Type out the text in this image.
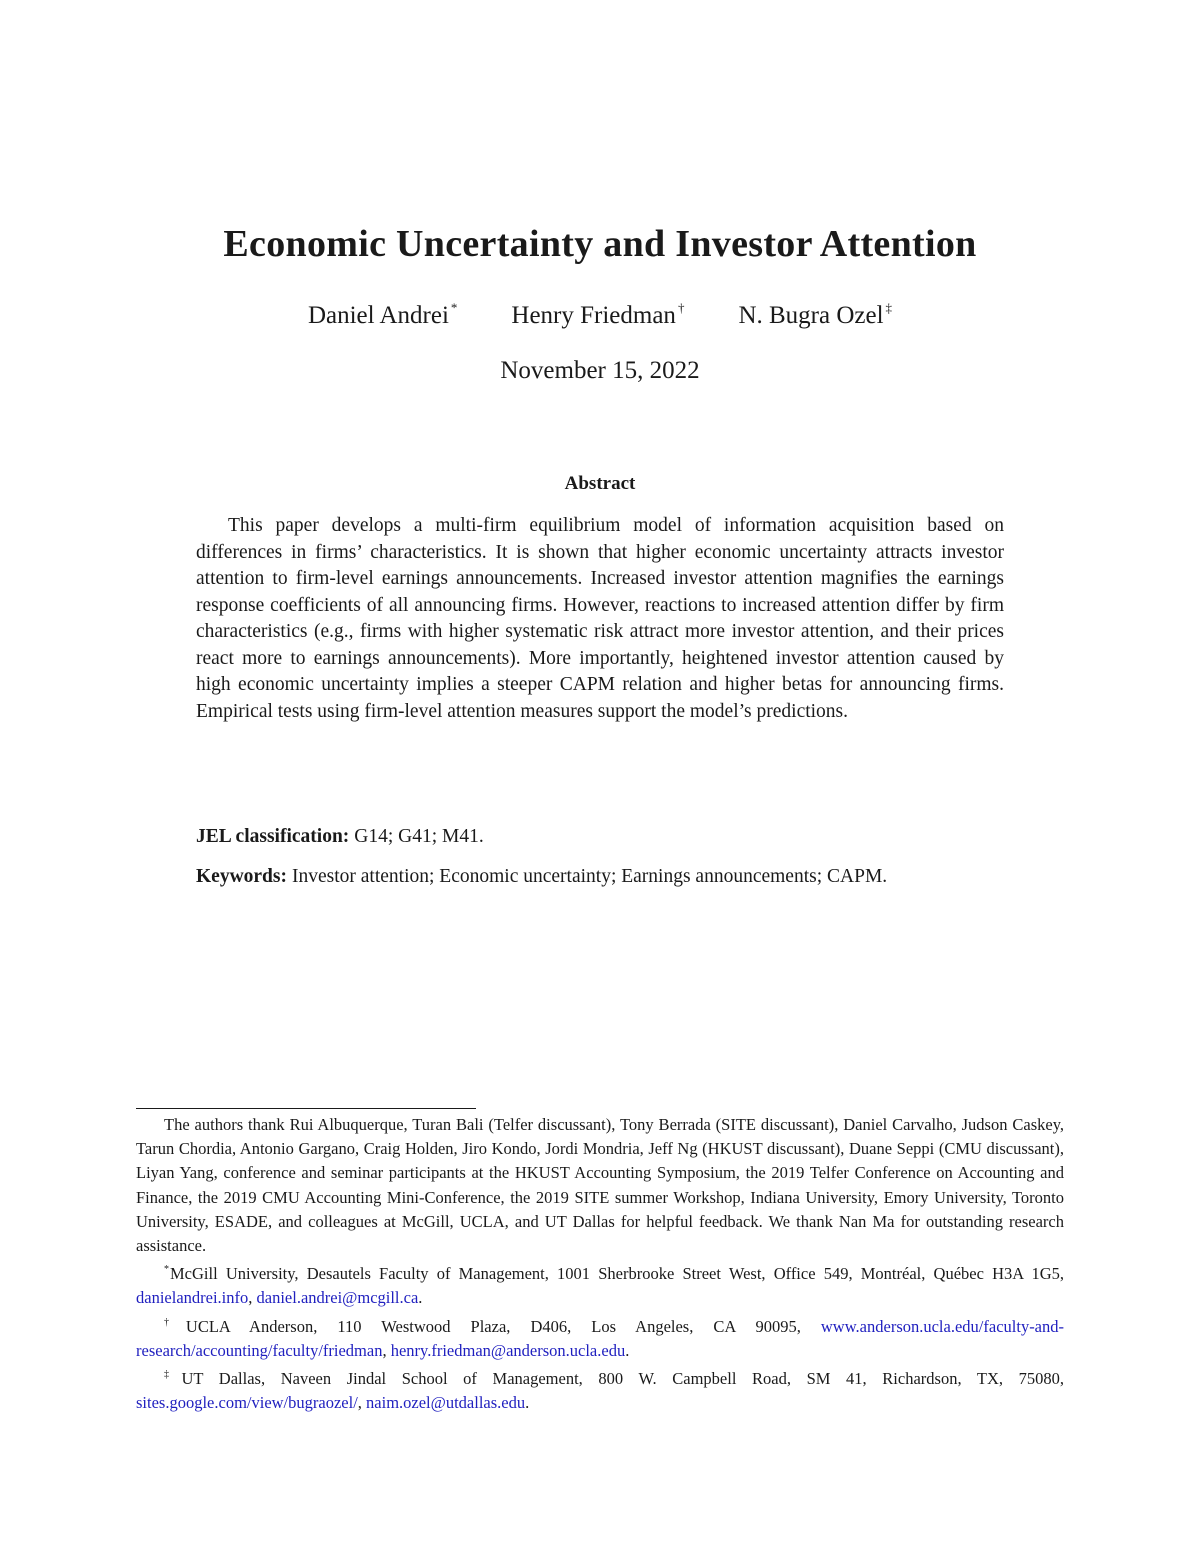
Economic Uncertainty and Investor Attention
Daniel Andrei * Henry Friedman † N. Bugra Ozel ‡
November 15, 2022
Abstract

This paper develops a multi-firm equilibrium model of information acquisition based on differences in firms’ characteristics. It is shown that higher economic uncertainty attracts investor attention to firm-level earnings announcements. Increased investor attention magnifies the earnings response coefficients of all announcing firms. However, reactions to increased attention differ by firm characteristics (e.g., firms with higher systematic risk attract more investor attention, and their prices react more to earnings announcements). More importantly, heightened investor attention caused by high economic uncertainty implies a steeper CAPM relation and higher betas for announcing firms. Empirical tests using firm-level attention measures support the model’s predictions.

JEL classification: G14; G41; M41.

Keywords: Investor attention; Economic uncertainty; Earnings announcements; CAPM.

The authors thank Rui Albuquerque, Turan Bali (Telfer discussant), Tony Berrada (SITE discussant), Daniel Carvalho, Judson Caskey, Tarun Chordia, Antonio Gargano, Craig Holden, Jiro Kondo, Jordi Mondria, Jeff Ng (HKUST discussant), Duane Seppi (CMU discussant), Liyan Yang, conference and seminar participants at the HKUST Accounting Symposium, the 2019 Telfer Conference on Accounting and Finance, the 2019 CMU Accounting Mini-Conference, the 2019 SITE summer Workshop, Indiana University, Emory University, Toronto University, ESADE, and colleagues at McGill, UCLA, and UT Dallas for helpful feedback. We thank Nan Ma for outstanding research assistance.

*McGill University, Desautels Faculty of Management, 1001 Sherbrooke Street West, Office 549, Montréal, Québec H3A 1G5, danielandrei.info, daniel.andrei@mcgill.ca.

†UCLA Anderson, 110 Westwood Plaza, D406, Los Angeles, CA 90095, www.anderson.ucla.edu/faculty-and-research/accounting/faculty/friedman, henry.friedman@anderson.ucla.edu.

‡UT Dallas, Naveen Jindal School of Management, 800 W. Campbell Road, SM 41, Richardson, TX, 75080, sites.google.com/view/bugraozel/, naim.ozel@utdallas.edu.
